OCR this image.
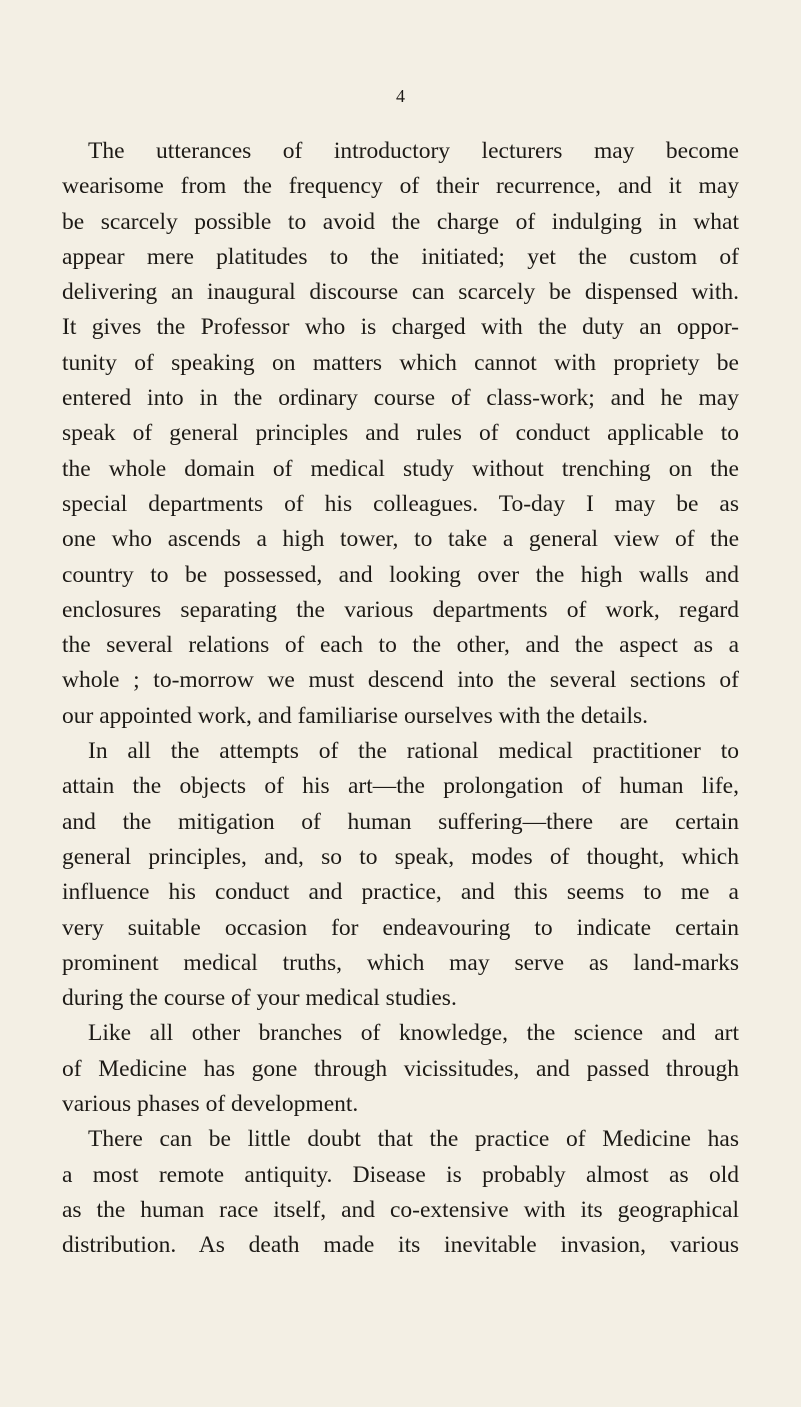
4
The utterances of introductory lecturers may become
wearisome from the frequency of their recurrence, and it may
be scarcely possible to avoid the charge of indulging in what
appear mere platitudes to the initiated; yet the custom of
delivering an inaugural discourse can scarcely be dispensed with.
It gives the Professor who is charged with the duty an oppor-
tunity of speaking on matters which cannot with propriety be
entered into in the ordinary course of class-work; and he may
speak of general principles and rules of conduct applicable to
the whole domain of medical study without trenching on the
special departments of his colleagues. To-day I may be as
one who ascends a high tower, to take a general view of the
country to be possessed, and looking over the high walls and
enclosures separating the various departments of work, regard
the several relations of each to the other, and the aspect as a
whole ; to-morrow we must descend into the several sections of
our appointed work, and familiarise ourselves with the details.
In all the attempts of the rational medical practitioner to
attain the objects of his art—the prolongation of human life,
and the mitigation of human suffering—there are certain
general principles, and, so to speak, modes of thought, which
influence his conduct and practice, and this seems to me a
very suitable occasion for endeavouring to indicate certain
prominent medical truths, which may serve as land-marks
during the course of your medical studies.
Like all other branches of knowledge, the science and art
of Medicine has gone through vicissitudes, and passed through
various phases of development.
There can be little doubt that the practice of Medicine has
a most remote antiquity. Disease is probably almost as old
as the human race itself, and co-extensive with its geographical
distribution. As death made its inevitable invasion, various
